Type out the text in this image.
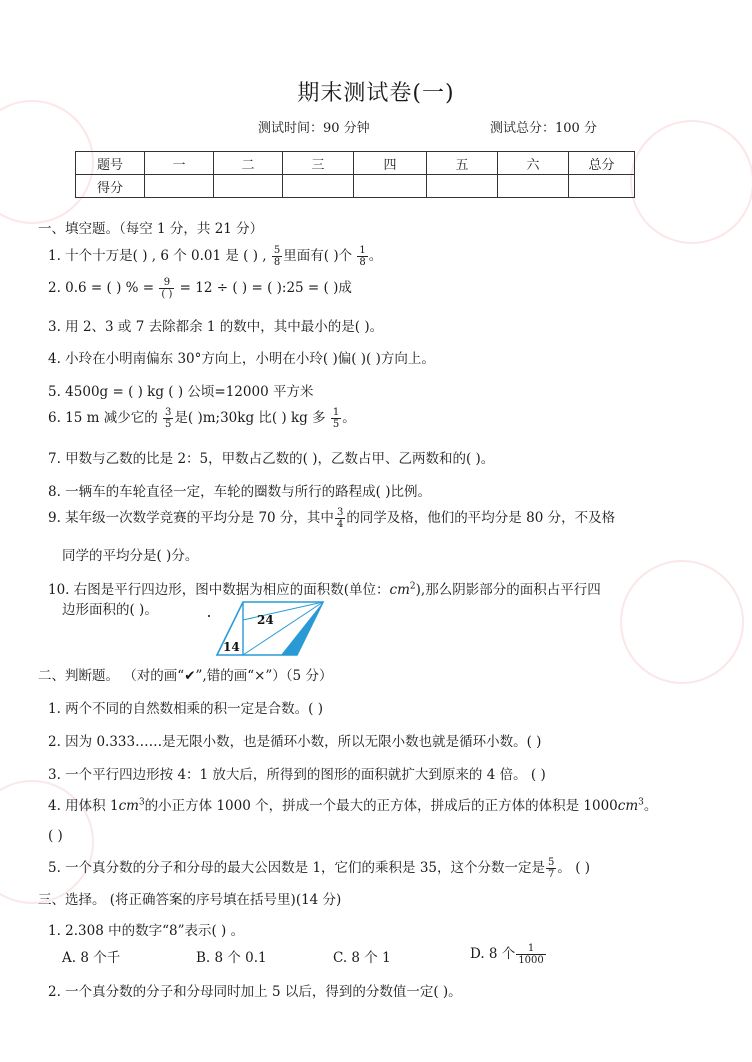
期末测试卷(一)
测试时间：90 分钟	测试总分：100 分
题号	一	二	三	四	五	六	总分
得分							
一、填空题。（每空 1 分，共 21 分）
1. 十个十万是( ) , 6 个 0.01 是 ( ) , $\frac{5}{8}$ 里面有( )个 $\frac{1}{8}$ 。
2. 0.6 = ( ) % = $\frac{9}{( )} = 12$ ÷ ( ) = ( ):25 = ( )成
3. 用 2、3 或 7 去除都余 1 的数中，其中最小的是( )。
4. 小玲在小明南偏东 30°方向上，小明在小玲( )偏( )( )方向上。
5. 4500g = ( ) kg ( ) 公顷=12000 平方米
6. 15 m 减少它的 $\frac{3}{5}$ 是( )m;30kg 比( ) kg 多 $\frac{1}{5}$ 。
7. 甲数与乙数的比是 2：5，甲数占乙数的( )，乙数占甲、乙两数和的( )。
8. 一辆车的车轮直径一定，车轮的圈数与所行的路程成( )比例。
9. 某年级一次数学竞赛的平均分是 70 分，其中 $\frac{3}{4}$ 的同学及格，他们的平均分是 80 分，不及格
同学的平均分是( )分。
10. 右图是平行四边形，图中数据为相应的面积数(单位：$cm^2$),那么阴影部分的面积占平行四
边形面积的( )。
24
14
二、判断题。 （对的画“✔”,错的画“×”）（5 分）
1. 两个不同的自然数相乘的积一定是合数。( )
2. 因为 0.333……是无限小数，也是循环小数，所以无限小数也就是循环小数。( )
3. 一个平行四边形按 4：1 放大后，所得到的图形的面积就扩大到原来的 4 倍。 ( )
4. 用体积 $1cm^3$的小正方体 1000 个，拼成一个最大的正方体，拼成后的正方体的体积是 $1000cm^3$。
( )
5. 一个真分数的分子和分母的最大公因数是 1，它们的乘积是 35，这个分数一定是 $\frac{5}{7}$ 。 ( )
三、选择。 (将正确答案的序号填在括号里)(14 分)
1. 2.308 中的数字“8”表示( ) 。
A. 8 个千	B. 8 个 0.1	C. 8 个 1	D. 8 个 $\frac{1}{1000}$
2. 一个真分数的分子和分母同时加上 5 以后，得到的分数值一定( )。
